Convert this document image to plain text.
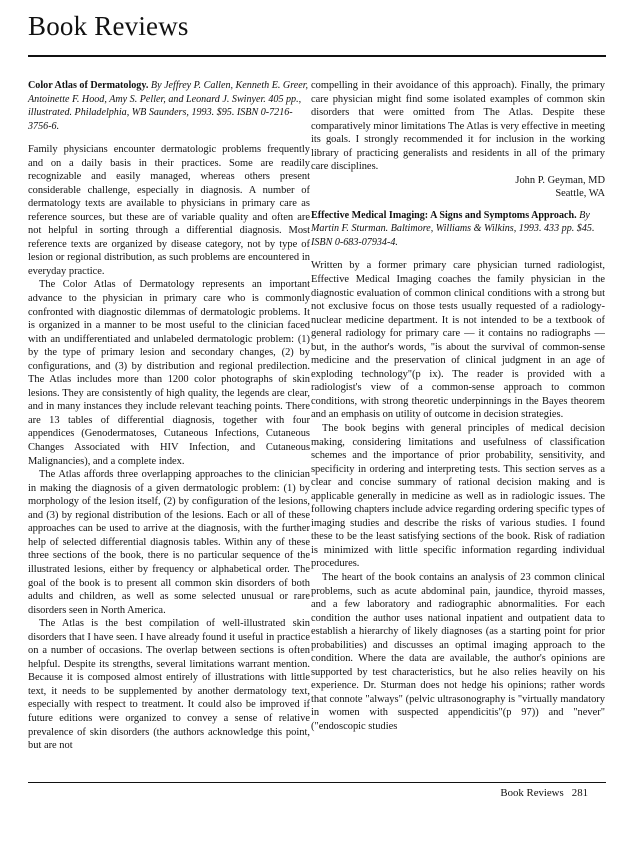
Book Reviews
Color Atlas of Dermatology. By Jeffrey P. Callen, Kenneth E. Greer, Antoinette F. Hood, Amy S. Peller, and Leonard J. Swinyer. 405 pp., illustrated. Philadelphia, WB Saunders, 1993. $95. ISBN 0-7216-3756-6.

Family physicians encounter dermatologic problems frequently and on a daily basis in their practices. Some are readily recognizable and easily managed, whereas others present considerable challenge, especially in diagnosis. A number of dermatology texts are available to physicians in primary care as reference sources, but these are of variable quality and often are not helpful in sorting through a differential diagnosis. Most reference texts are organized by disease category, not by type of lesion or regional distribution, as such problems are encountered in everyday practice.

The Color Atlas of Dermatology represents an important advance to the physician in primary care who is commonly confronted with diagnostic dilemmas of dermatologic problems. It is organized in a manner to be most useful to the clinician faced with an undifferentiated and unlabeled dermatologic problem: (1) by the type of primary lesion and secondary changes, (2) by configurations, and (3) by distribution and regional predilection. The Atlas includes more than 1200 color photographs of skin lesions. They are consistently of high quality, the legends are clear, and in many instances they include relevant teaching points. There are 13 tables of differential diagnosis, together with four appendices (Genodermatoses, Cutaneous Infections, Cutaneous Changes Associated with HIV Infection, and Cutaneous Malignancies), and a complete index.

The Atlas affords three overlapping approaches to the clinician in making the diagnosis of a given dermatologic problem: (1) by morphology of the lesion itself, (2) by configuration of the lesions, and (3) by regional distribution of the lesions. Each or all of these approaches can be used to arrive at the diagnosis, with the further help of selected differential diagnosis tables. Within any of these three sections of the book, there is no particular sequence of the illustrated lesions, either by frequency or alphabetical order. The goal of the book is to present all common skin disorders of both adults and children, as well as some selected unusual or rare disorders seen in North America.

The Atlas is the best compilation of well-illustrated skin disorders that I have seen. I have already found it useful in practice on a number of occasions. The overlap between sections is often helpful. Despite its strengths, several limitations warrant mention. Because it is composed almost entirely of illustrations with little text, it needs to be supplemented by another dermatology text, especially with respect to treatment. It could also be improved if future editions were organized to convey a sense of relative prevalence of skin disorders (the authors acknowledge this point, but are not

compelling in their avoidance of this approach). Finally, the primary care physician might find some isolated examples of common skin disorders that were omitted from The Atlas. Despite these comparatively minor limitations The Atlas is very effective in meeting its goals. I strongly recommended it for inclusion in the working library of practicing generalists and residents in all of the primary care disciplines.

John P. Geyman, MD
Seattle, WA
Effective Medical Imaging: A Signs and Symptoms Approach. By Martin F. Sturman. Baltimore, Williams & Wilkins, 1993. 433 pp. $45. ISBN 0-683-07934-4.

Written by a former primary care physician turned radiologist, Effective Medical Imaging coaches the family physician in the diagnostic evaluation of common clinical conditions with a strong but not exclusive focus on those tests usually requested of a radiology-nuclear medicine department. It is not intended to be a textbook of general radiology for primary care — it contains no radiographs — but, in the author's words, "is about the survival of common-sense medicine and the preservation of clinical judgment in an age of exploding technology"(p ix). The reader is provided with a radiologist's view of a common-sense approach to common conditions, with strong theoretic underpinnings in the Bayes theorem and an emphasis on utility of outcome in decision strategies.

The book begins with general principles of medical decision making, considering limitations and usefulness of classification schemes and the importance of prior probability, sensitivity, and specificity in ordering and interpreting tests. This section serves as a clear and concise summary of rational decision making and is applicable generally in medicine as well as in radiologic issues. The following chapters include advice regarding ordering specific types of imaging studies and describe the risks of various studies. I found these to be the least satisfying sections of the book. Risk of radiation is minimized with little specific information regarding individual procedures.

The heart of the book contains an analysis of 23 common clinical problems, such as acute abdominal pain, jaundice, thyroid masses, and a few laboratory and radiographic abnormalities. For each condition the author uses national inpatient and outpatient data to establish a hierarchy of likely diagnoses (as a starting point for prior probabilities) and discusses an optimal imaging approach to the condition. Where the data are available, the author's opinions are supported by test characteristics, but he also relies heavily on his experience. Dr. Sturman does not hedge his opinions; rather words that connote "always" (pelvic ultrasonography is "virtually mandatory in women with suspected appendicitis"(p 97)) and "never" ("endoscopic studies

Book Reviews 281
